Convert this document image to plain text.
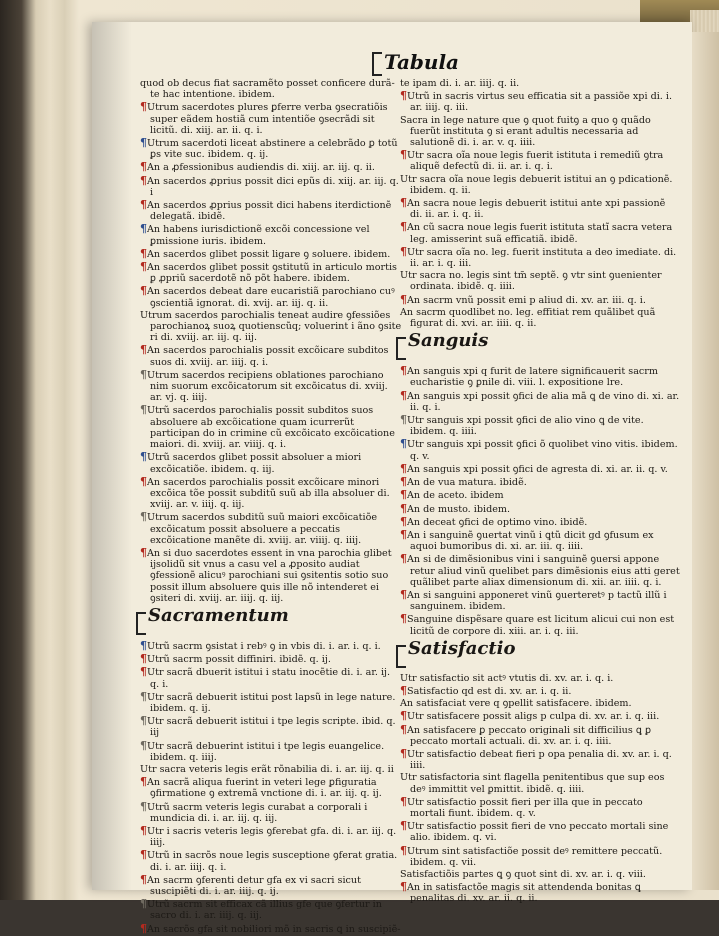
Tabula
quod ob decus fiat sacramẽto posset conficere durã-te hac intentione. ibidem.
¶Utrum sacerdotes plures ꝑferre verba ꝯsecratiõis super eãdem hostiã cum intentiõe ꝯsecrãdi sit licitũ. di. xiij. ar. ii. q. i.
¶Utrum sacerdoti liceat abstinere a celebrãdo ꝑ totũ ꝑs vite suc. ibidem. q. ij.
¶An a ꝓfessionibus audiendis di. xiij. ar. iij. q. ii.
¶An sacerdos ꝓprius possit dici epũs di. xiij. ar. iij. q. i
¶An sacerdos ꝓprius possit dici habens iterdictionẽ delegatã. ibidẽ.
¶An habens iurisdictionẽ excõi concessione vel ꝑmissione iuris. ibidem.
¶An sacerdos glibet possit ligare ꝯ soluere. ibidem.
¶An sacerdos glibet possit ꝯstitutũ in articulo mortis ꝑ ꝓpriũ sacerdotẽ nõ põt habere. ibidem.
¶An sacerdos debeat dare eucaristiã parochiano cuꝰ ꝯscientiã ignorat. di. xvij. ar. iij. q. ii.
Utrum sacerdos parochialis teneat audire ꝯfessiões parochianoꝝ suoꝝ quotienscũq; voluerint i ãno ꝯsite ri di. xviij. ar. iij. q. iij.
¶An sacerdos parochialis possit excõicare subditos suos di. xviij. ar. iiij. q. i.
¶Utrum sacerdos recipiens oblationes parochiano nim suorum excõicatorum sit excõicatus di. xviij. ar. vj. q. iiij.
¶Utrũ sacerdos parochialis possit subditos suos absoluere ab excõicatione quam icurrerũt participan do in crimine cũ excõicato excõicatione maiori. di. xviij. ar. viiij. q. i.
¶Utrũ sacerdos glibet possit absoluer a miori excõicatiõe. ibidem. q. iij.
¶An sacerdos parochialis possit excõicare minori excõica tõe possit subditũ suũ ab illa absoluer di. xviij. ar. v. iiij. q. iij.
¶Utrum sacerdos subditũ suũ maiori excõicatiõe excõicatum possit absoluere a peccatis excõicatione manẽte di. xviij. ar. viiij. q. iiij.
¶An si duo sacerdotes essent in vna parochia glibet ijsolidũ sit vnus a casu vel a ꝓposito audiat ꝯfessionẽ alicuꝰ parochiani sui ꝯsitentis sotio suo possit illum absoluere ꝗuis ille nõ intenderet ei ꝯsiteri di. xviij. ar. iiij. q. iij.
Sacramentum
¶Utrũ sacrm ꝯsistat i rebꝰ ꝯ in vbis di. i. ar. i. q. i.
¶Utrũ sacrm possit diffiniri. ibidẽ. q. ij.
¶Utr sacrã dbuerit istitui i statu inocẽtie di. i. ar. ij. q. i.
¶Utr sacrã debuerit istitui post lapsũ in lege nature. ibidem. q. ij.
¶Utr sacrã debuerit istitui i tpe legis scripte. ibid. q. iij
¶Utr sacrã debuerint istitui i tpe legis euangelice. ibidem. q. iiij.
Utr sacra veteris legis erãt rõnabilia di. i. ar. iij. q. ii
¶An sacrã aliqua fuerint in veteri lege ꝑfiguratia ꝯfirmatione ꝯ extremã vnctione di. i. ar. iij. q. ij.
¶Utrũ sacrm veteris legis curabat a corporali i mundicia di. i. ar. iij. q. iij.
¶Utr i sacris veteris legis ꝯferebat gfa. di. i. ar. iij. q. iiij.
¶Utrũ in sacrõs noue legis susceptione ꝯferat gratia. di. i. ar. iiij. q. i.
¶An sacrm ꝯferenti detur gfa ex vi sacri sicut suscipiẽti di. i. ar. iiij. q. ij.
¶Utrũ sacrm sit efficax cã illius gfe que ꝯfertur in sacro di. i. ar. iiij. q. iij.
¶An sacrõs gfa sit nobiliori mõ in sacris ꝗ in suscipiẽ-
te ipam di. i. ar. iiij. q. ii.
¶Utrũ in sacris virtus seu efficatia sit a passiõe xpi di. i. ar. iiij. q. iii.
Sacra in lege nature que ꝯ quot fuitꝯ a quo ꝯ quãdo fuerũt instituta ꝯ si erant adultis necessaria ad salutionẽ di. i. ar. v. q. iiii.
¶Utr sacra oĩa noue legis fuerit istituta i remediũ ꝯtra aliquẽ defectũ di. ii. ar. i. q. i.
Utr sacra oĩa noue legis debuerit istitui an ꝯ pdicationẽ. ibidem. q. ii.
¶An sacra noue legis debuerit istitui ante xpi passionẽ di. ii. ar. i. q. ii.
¶An cũ sacra noue legis fuerit istituta statĩ sacra vetera leg. amisserint suã efficatiã. ibidẽ.
¶Utr sacra oĩa no. leg. fuerit instituta a deo imediate. di. ii. ar. i. q. iii.
Utr sacra no. legis sint tm̃ septẽ. ꝯ vtr sint ꝯuenienter ordinata. ibidẽ. q. iiii.
¶An sacrm vnũ possit emi p aliud di. xv. ar. iii. q. i.
An sacrm quodlibet no. leg. effitiat rem quãlibet quã figurat di. xvi. ar. iiii. q. ii.
Sanguis
¶An sanguis xpi q furit de latere significauerit sacrm eucharistie ꝯ ꝑnile di. viii. l. expositione lre.
¶An sanguis xpi possit ꝯfici de alia mã ꝗ de vino di. xi. ar. ii. q. i.
¶Utr sanguis xpi possit ꝯfici de alio vino ꝗ de vite. ibidem. q. iiii.
¶Utr sanguis xpi possit ꝯfici õ quolibet vino vitis. ibidem. q. v.
¶An sanguis xpi possit ꝯfici de agresta di. xi. ar. ii. q. v.
¶An de vua matura. ibidẽ.
¶An de aceto. ibidem
¶An de musto. ibidem.
¶An deceat ꝯfici de optimo vino. ibidẽ.
¶An i sanguinẽ ꝯuertat vinũ i ꝗtũ dicit gd ꝯfusum ex aquoi bumoribus di. xi. ar. iii. q. iiii.
¶An si de dimẽsionibus vini i sanguinẽ ꝯuersi appone retur aliud vinũ quelibet pars dimẽsionis eius atti geret quãlibet parte aliax dimensionum di. xii. ar. iiii. q. i.
¶An si sanguini apponeret vinũ ꝯuerteretꝰ p tactũ illũ i sanguinem. ibidem.
¶Sanguine dispẽsare quare est licitum alicui cui non est licitũ de corpore di. xiii. ar. i. q. iii.
Satisfactio
Utr satisfactio sit actꝰ vtutis di. xv. ar. i. q. i.
¶Satisfactio qd est di. xv. ar. i. q. ii.
An satisfaciat vere q ꝯpellit satisfacere. ibidem.
¶Utr satisfacere possit aligs p culpa di. xv. ar. i. q. iii.
¶An satisfacere ꝑ peccato originali sit difficilius ꝗ ꝑ peccato mortali actuali. di. xv. ar. i. q. iiii.
¶Utr satisfactio debeat fieri p opa penalia di. xv. ar. i. q. iiii.
Utr satisfactoria sint flagella penitentibus que sup eos deꝰ immittit vel ꝑmittit. ibidẽ. q. iiii.
¶Utr satisfactio possit fieri per illa que in peccato mortali fiunt. ibidem. q. v.
¶Utr satisfactio possit fieri de vno peccato mortali sine alio. ibidem. q. vi.
¶Utrum sint satisfactiõe possit deꝰ remittere peccatũ. ibidem. q. vii.
Satisfactiõis partes ꝗ ꝯ quot sint di. xv. ar. i. q. viii.
¶An in satisfactõe magis sit attendenda bonitas ꝗ penalitas di. xv. ar. ii. q. ii.
